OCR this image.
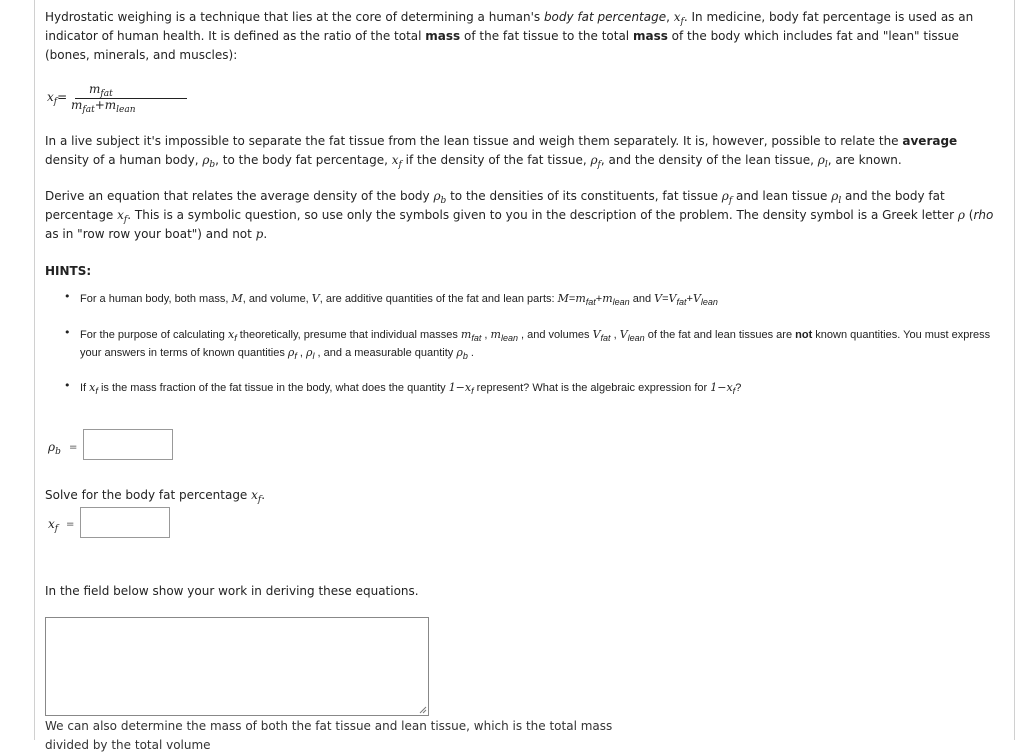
Hydrostatic weighing is a technique that lies at the core of determining a human's body fat percentage, $x_f$. In medicine, body fat percentage is used as an indicator of human health. It is defined as the ratio of the total mass of the fat tissue to the total mass of the body which includes fat and "lean" tissue (bones, minerals, and muscles):
$x_f=$
$m_{fat}$
$m_{fat}+m_{lean}$
In a live subject it's impossible to separate the fat tissue from the lean tissue and weigh them separately. It is, however, possible to relate the average density of a human body, $\rho_b$, to the body fat percentage, $x_f$ if the density of the fat tissue, $\rho_f$, and the density of the lean tissue, $\rho_l$, are known.
Derive an equation that relates the average density of the body $\rho_b$ to the densities of its constituents, fat tissue $\rho_f$ and lean tissue $\rho_l$ and the body fat percentage $x_f$. This is a symbolic question, so use only the symbols given to you in the description of the problem. The density symbol is a Greek letter ρ (rho as in "row row your boat") and not p.
HINTS:
• For a human body, both mass, M, and volume, V, are additive quantities of the fat and lean parts: $M=m_{fat}+m_{lean}$ and $V=V_{fat}+V_{lean}$
• For the purpose of calculating $x_f$ theoretically, presume that individual masses $m_{fat}$ , $m_{lean}$ , and volumes $V_{fat}$ , $V_{lean}$ of the fat and lean tissues are not known quantities. You must express your answers in terms of known quantities $\rho_f$ , $\rho_l$ , and a measurable quantity $\rho_b$ .
• If $x_f$ is the mass fraction of the fat tissue in the body, what does the quantity $1-x_f$ represent? What is the algebraic expression for $1-x_f$?
$\rho_b$ =
Solve for the body fat percentage $x_f$.
$x_f$ =
In the field below show your work in deriving these equations.
We can also determine the mass of both the fat tissue and lean tissue, which is the total mass divided by the total volume
